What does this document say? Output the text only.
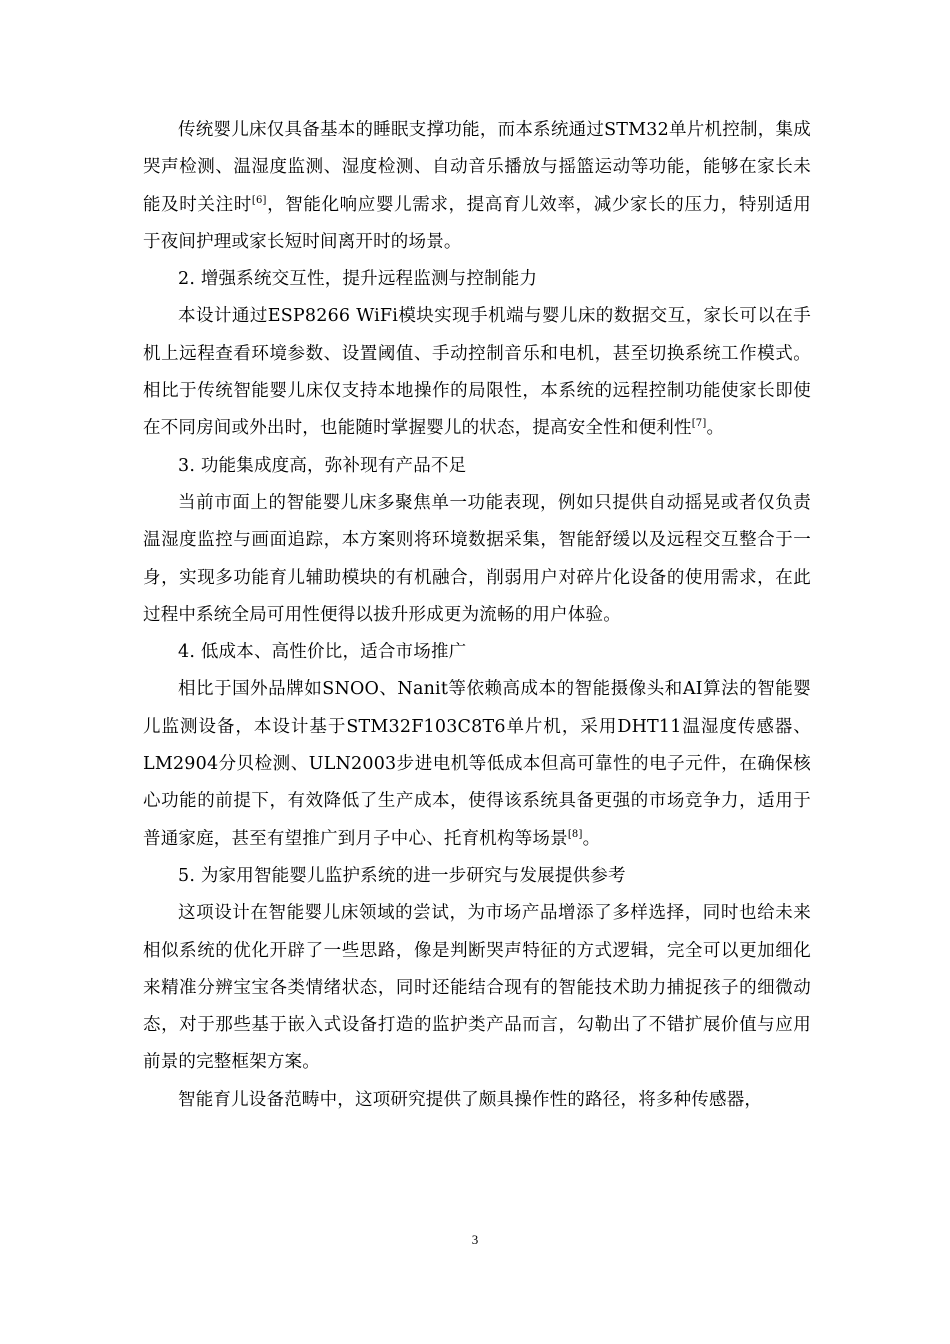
传统婴儿床仅具备基本的睡眠支撑功能，而本系统通过STM32单片机控制，集成哭声检测、温湿度监测、湿度检测、自动音乐播放与摇篮运动等功能，能够在家长未能及时关注时[6]，智能化响应婴儿需求，提高育儿效率，减少家长的压力，特别适用于夜间护理或家长短时间离开时的场景。

2. 增强系统交互性，提升远程监测与控制能力

本设计通过ESP8266 WiFi模块实现手机端与婴儿床的数据交互，家长可以在手机上远程查看环境参数、设置阈值、手动控制音乐和电机，甚至切换系统工作模式。相比于传统智能婴儿床仅支持本地操作的局限性，本系统的远程控制功能使家长即使在不同房间或外出时，也能随时掌握婴儿的状态，提高安全性和便利性[7]。

3. 功能集成度高，弥补现有产品不足

当前市面上的智能婴儿床多聚焦单一功能表现，例如只提供自动摇晃或者仅负责温湿度监控与画面追踪，本方案则将环境数据采集，智能舒缓以及远程交互整合于一身，实现多功能育儿辅助模块的有机融合，削弱用户对碎片化设备的使用需求，在此过程中系统全局可用性便得以拔升形成更为流畅的用户体验。

4. 低成本、高性价比，适合市场推广

相比于国外品牌如SNOO、Nanit等依赖高成本的智能摄像头和AI算法的智能婴儿监测设备，本设计基于STM32F103C8T6单片机，采用DHT11温湿度传感器、LM2904分贝检测、ULN2003步进电机等低成本但高可靠性的电子元件，在确保核心功能的前提下，有效降低了生产成本，使得该系统具备更强的市场竞争力，适用于普通家庭，甚至有望推广到月子中心、托育机构等场景[8]。

5. 为家用智能婴儿监护系统的进一步研究与发展提供参考

这项设计在智能婴儿床领域的尝试，为市场产品增添了多样选择，同时也给未来相似系统的优化开辟了一些思路，像是判断哭声特征的方式逻辑，完全可以更加细化来精准分辨宝宝各类情绪状态，同时还能结合现有的智能技术助力捕捉孩子的细微动态，对于那些基于嵌入式设备打造的监护类产品而言，勾勒出了不错扩展价值与应用前景的完整框架方案。

智能育儿设备范畴中，这项研究提供了颇具操作性的路径，将多种传感器，

3
